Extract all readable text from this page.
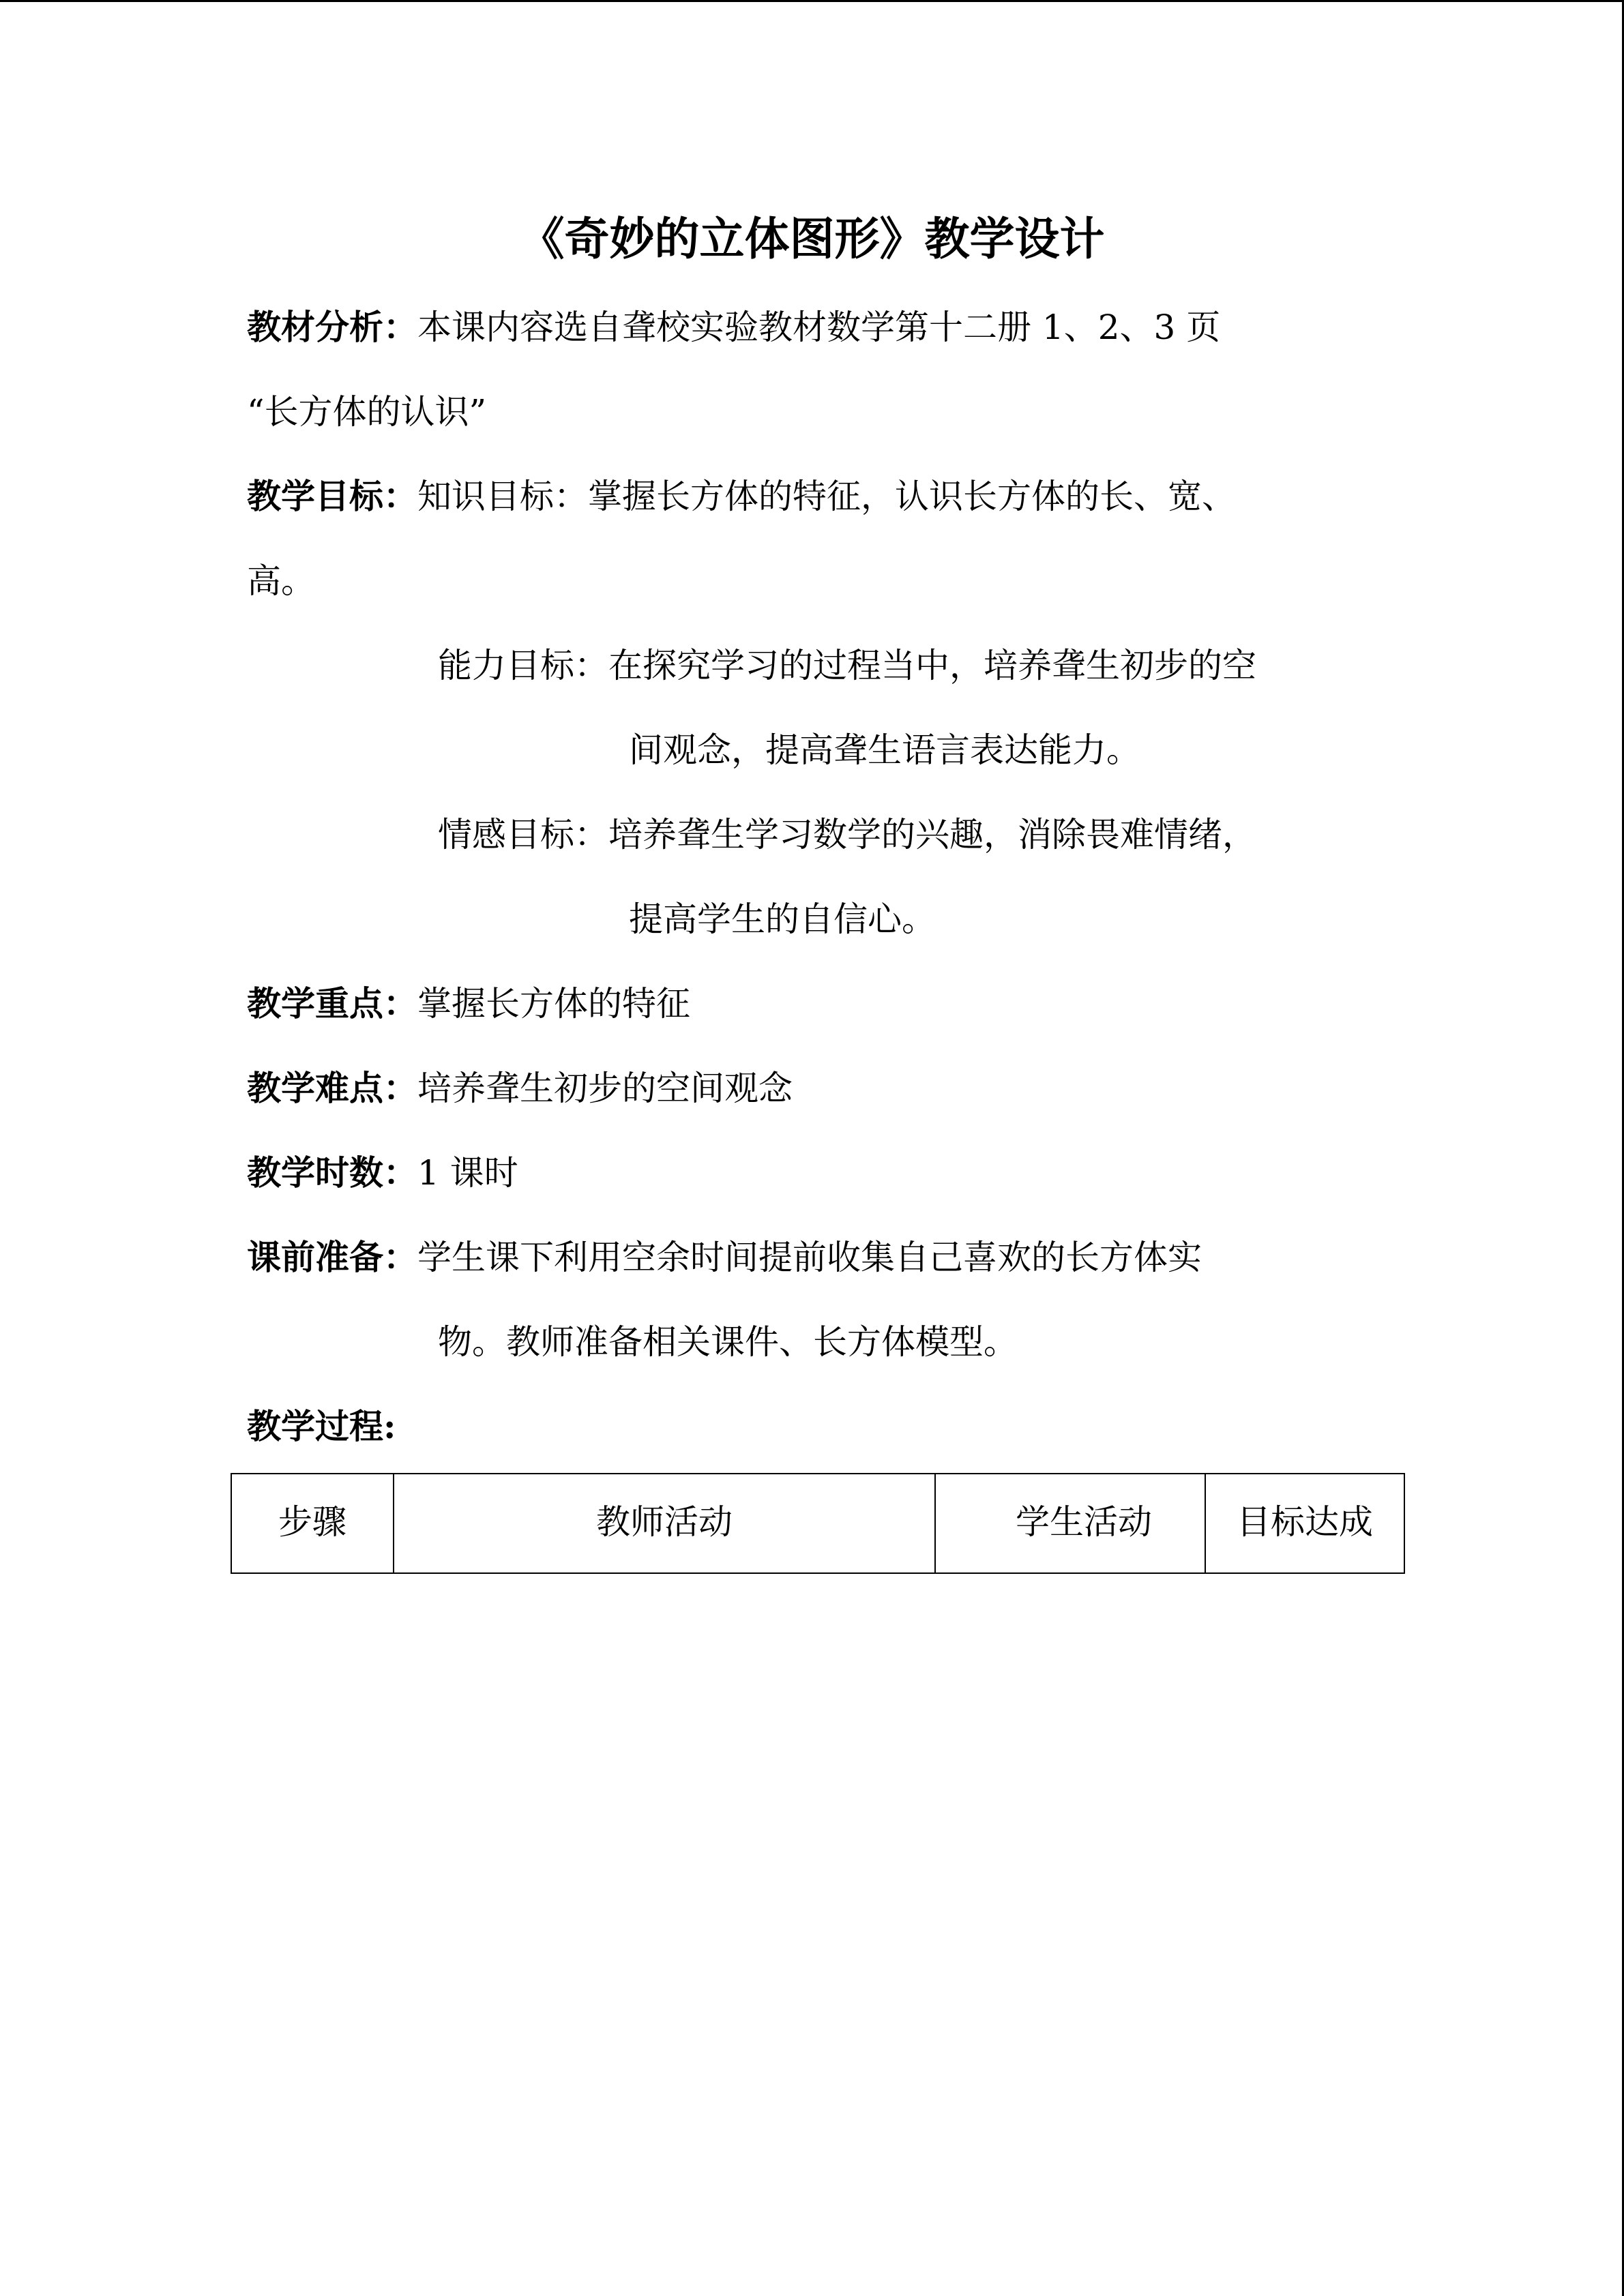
《奇妙的立体图形》教学设计
教材分析：本课内容选自聋校实验教材数学第十二册 1、2、3 页
“长方体的认识”
教学目标：知识目标：掌握长方体的特征，认识长方体的长、宽、
高。
能力目标：在探究学习的过程当中，培养聋生初步的空
间观念，提高聋生语言表达能力。
情感目标：培养聋生学习数学的兴趣，消除畏难情绪，
提高学生的自信心。
教学重点：掌握长方体的特征
教学难点：培养聋生初步的空间观念
教学时数：1 课时
课前准备：学生课下利用空余时间提前收集自己喜欢的长方体实
物。教师准备相关课件、长方体模型。
教学过程:
步骤	教师活动	学生活动	目标达成
